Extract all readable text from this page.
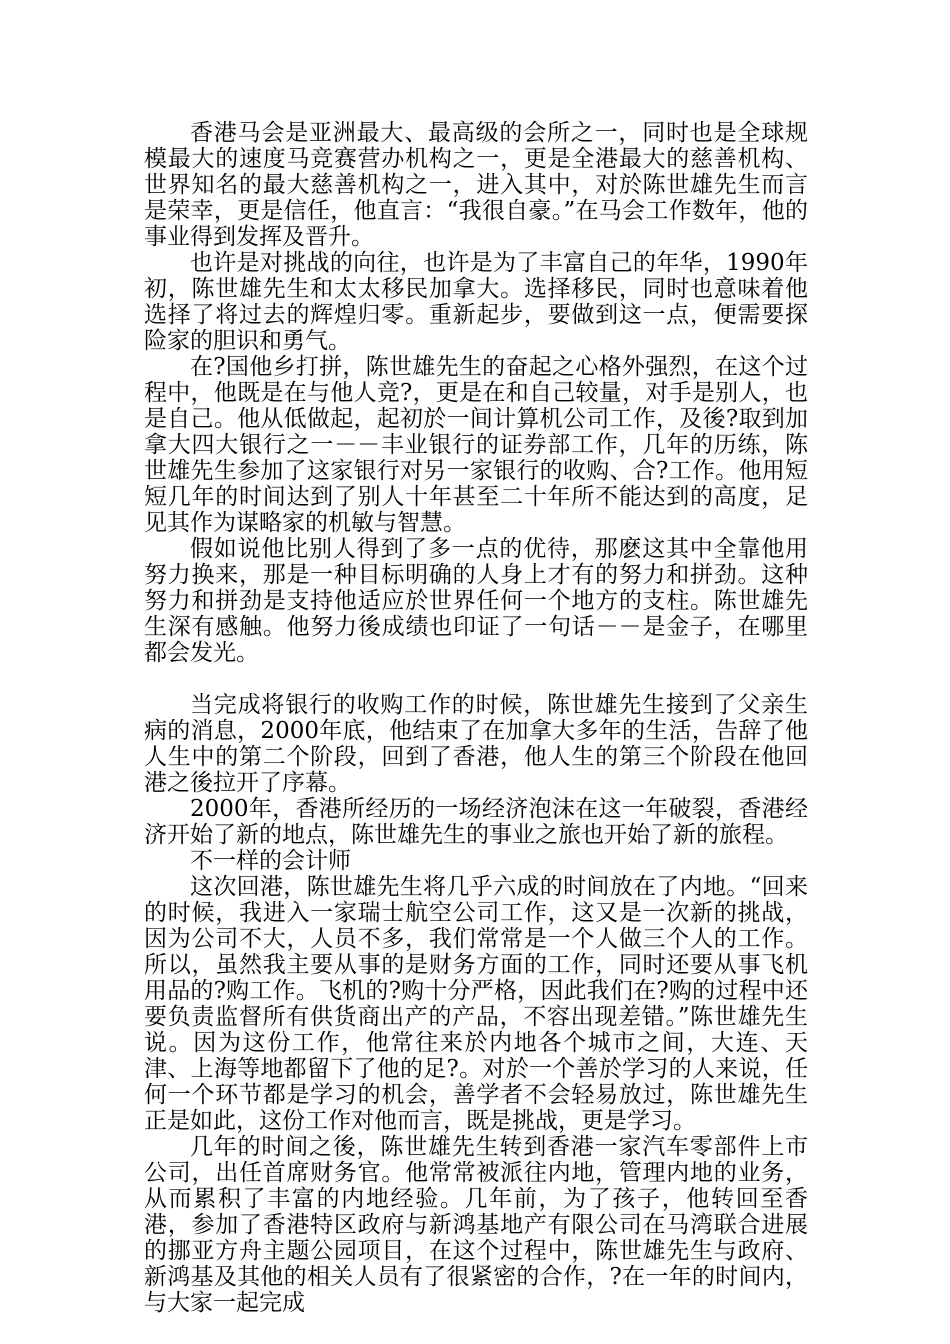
香港马会是亚洲最大、最高级的会所之一，同时也是全球规模最大的速度马竞赛营办机构之一，更是全港最大的慈善机构、世界知名的最大慈善机构之一，进入其中，对於陈世雄先生而言是荣幸，更是信任，他直言：“我很自豪。”在马会工作数年，他的事业得到发挥及晋升。

也许是对挑战的向往，也许是为了丰富自己的年华，1990年初，陈世雄先生和太太移民加拿大。选择移民，同时也意味着他选择了将过去的辉煌归零。重新起步，要做到这一点，便需要探险家的胆识和勇气。

在?国他乡打拼，陈世雄先生的奋起之心格外强烈，在这个过程中，他既是在与他人竞?，更是在和自己较量，对手是别人，也是自己。他从低做起，起初於一间计算机公司工作，及後?取到加拿大四大银行之一－－丰业银行的证券部工作，几年的历练，陈世雄先生参加了这家银行对另一家银行的收购、合?工作。他用短短几年的时间达到了别人十年甚至二十年所不能达到的高度，足见其作为谋略家的机敏与智慧。

假如说他比别人得到了多一点的优待，那麽这其中全靠他用努力换来，那是一种目标明确的人身上才有的努力和拼劲。这种努力和拼劲是支持他适应於世界任何一个地方的支柱。陈世雄先生深有感触。他努力後成绩也印证了一句话－－是金子，在哪里都会发光。

当完成将银行的收购工作的时候，陈世雄先生接到了父亲生病的消息，2000年底，他结束了在加拿大多年的生活，告辞了他人生中的第二个阶段，回到了香港，他人生的第三个阶段在他回港之後拉开了序幕。

2000年，香港所经历的一场经济泡沫在这一年破裂，香港经济开始了新的地点，陈世雄先生的事业之旅也开始了新的旅程。

不一样的会计师

这次回港，陈世雄先生将几乎六成的时间放在了内地。“回来的时候，我进入一家瑞士航空公司工作，这又是一次新的挑战，因为公司不大，人员不多，我们常常是一个人做三个人的工作。所以，虽然我主要从事的是财务方面的工作，同时还要从事飞机用品的?购工作。飞机的?购十分严格，因此我们在?购的过程中还要负责监督所有供货商出产的产品，不容出现差错。”陈世雄先生说。因为这份工作，他常往来於内地各个城市之间，大连、天津、上海等地都留下了他的足?。对於一个善於学习的人来说，任何一个环节都是学习的机会，善学者不会轻易放过，陈世雄先生正是如此，这份工作对他而言，既是挑战，更是学习。

几年的时间之後，陈世雄先生转到香港一家汽车零部件上市公司，出任首席财务官。他常常被派往内地，管理内地的业务，从而累积了丰富的内地经验。几年前，为了孩子，他转回至香港，参加了香港特区政府与新鸿基地产有限公司在马湾联合进展的挪亚方舟主题公园项目，在这个过程中，陈世雄先生与政府、新鸿基及其他的相关人员有了很紧密的合作，?在一年的时间内，与大家一起完成
